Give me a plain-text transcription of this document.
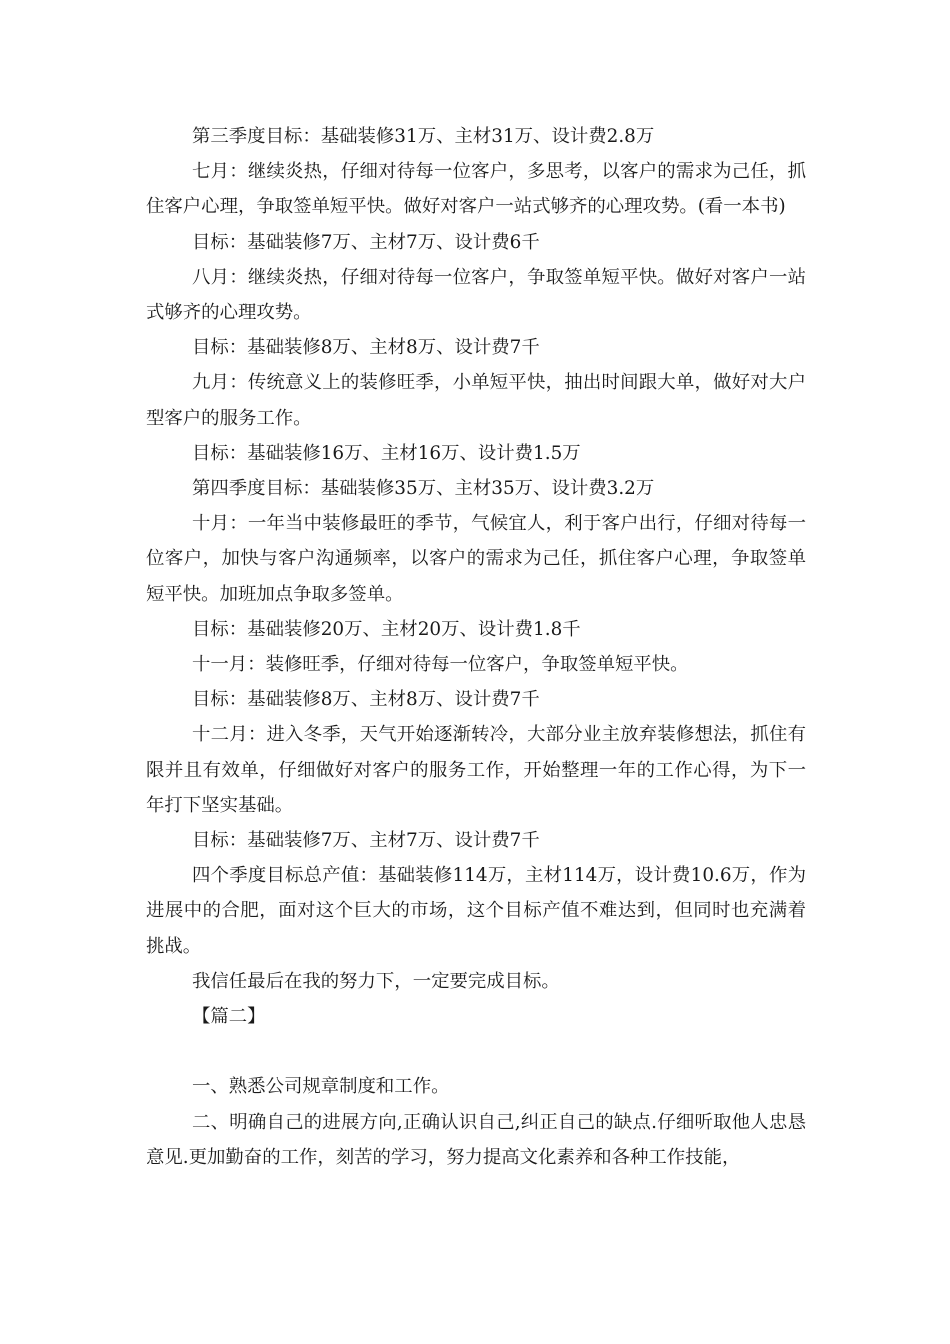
第三季度目标：基础装修31万、主材31万、设计费2.8万

七月：继续炎热，仔细对待每一位客户，多思考，以客户的需求为己任，抓住客户心理，争取签单短平快。做好对客户一站式够齐的心理攻势。(看一本书)

目标：基础装修7万、主材7万、设计费6千

八月：继续炎热，仔细对待每一位客户，争取签单短平快。做好对客户一站式够齐的心理攻势。

目标：基础装修8万、主材8万、设计费7千

九月：传统意义上的装修旺季，小单短平快，抽出时间跟大单，做好对大户型客户的服务工作。

目标：基础装修16万、主材16万、设计费1.5万

第四季度目标：基础装修35万、主材35万、设计费3.2万

十月：一年当中装修最旺的季节，气候宜人，利于客户出行，仔细对待每一位客户，加快与客户沟通频率，以客户的需求为己任，抓住客户心理，争取签单短平快。加班加点争取多签单。

目标：基础装修20万、主材20万、设计费1.8千

十一月：装修旺季，仔细对待每一位客户，争取签单短平快。

目标：基础装修8万、主材8万、设计费7千

十二月：进入冬季，天气开始逐渐转冷，大部分业主放弃装修想法，抓住有限并且有效单，仔细做好对客户的服务工作，开始整理一年的工作心得，为下一年打下坚实基础。

目标：基础装修7万、主材7万、设计费7千

四个季度目标总产值：基础装修114万，主材114万，设计费10.6万，作为进展中的合肥，面对这个巨大的市场，这个目标产值不难达到，但同时也充满着挑战。

我信任最后在我的努力下，一定要完成目标。

【篇二】

一、熟悉公司规章制度和工作。

二、明确自己的进展方向,正确认识自己,纠正自己的缺点.仔细听取他人忠恳意见.更加勤奋的工作，刻苦的学习，努力提高文化素养和各种工作技能，
